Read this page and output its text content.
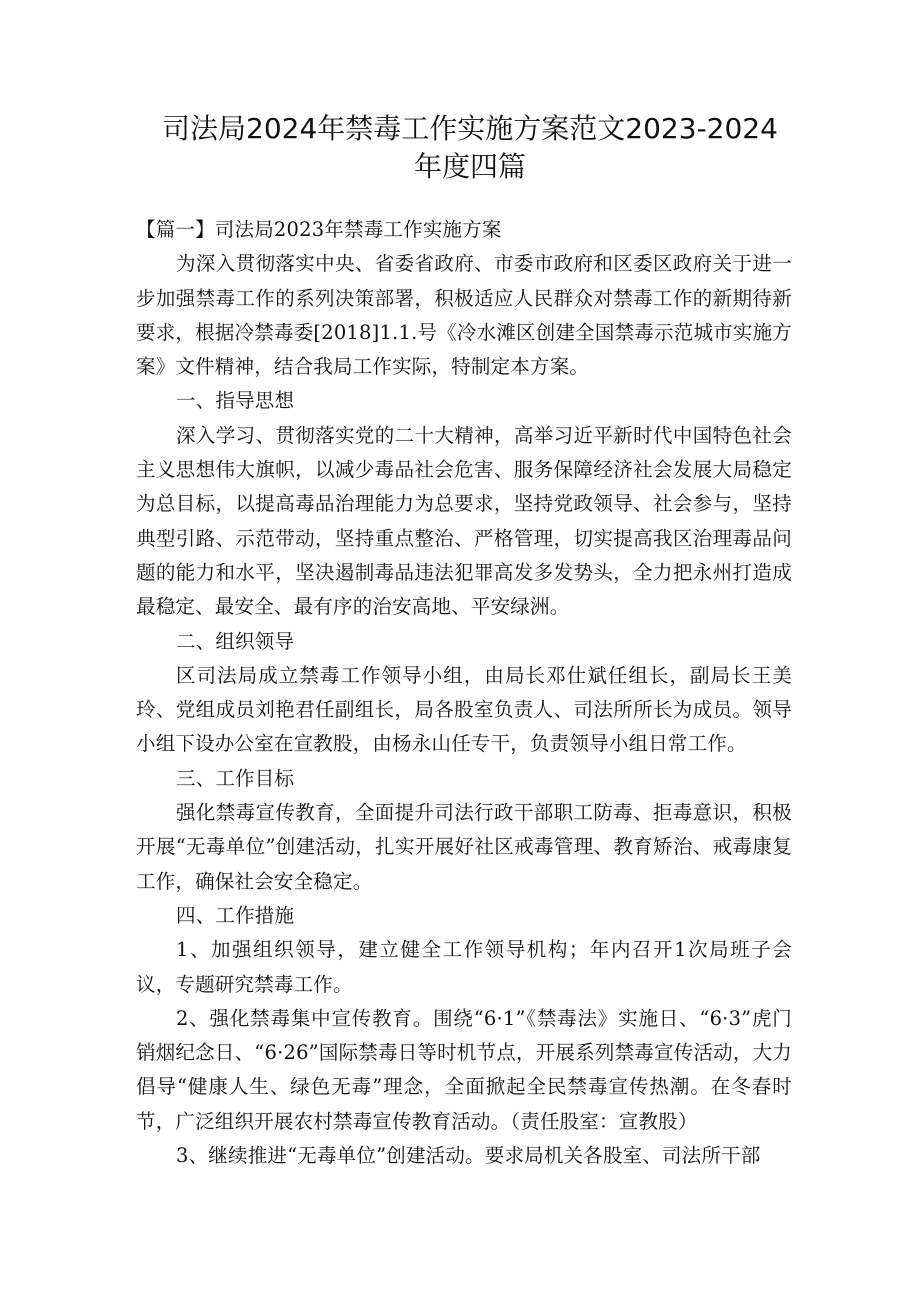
司法局2024年禁毒工作实施方案范文2023-2024年度四篇

【篇一】司法局2023年禁毒工作实施方案

为深入贯彻落实中央、省委省政府、市委市政府和区委区政府关于进一步加强禁毒工作的系列决策部署，积极适应人民群众对禁毒工作的新期待新要求，根据冷禁毒委[2018]1.1.号《冷水滩区创建全国禁毒示范城市实施方案》文件精神，结合我局工作实际，特制定本方案。

一、指导思想

深入学习、贯彻落实党的二十大精神，高举习近平新时代中国特色社会主义思想伟大旗帜，以减少毒品社会危害、服务保障经济社会发展大局稳定为总目标，以提高毒品治理能力为总要求，坚持党政领导、社会参与，坚持典型引路、示范带动，坚持重点整治、严格管理，切实提高我区治理毒品问题的能力和水平，坚决遏制毒品违法犯罪高发多发势头，全力把永州打造成最稳定、最安全、最有序的治安高地、平安绿洲。

二、组织领导

区司法局成立禁毒工作领导小组，由局长邓仕斌任组长，副局长王美玲、党组成员刘艳君任副组长，局各股室负责人、司法所所长为成员。领导小组下设办公室在宣教股，由杨永山任专干，负责领导小组日常工作。

三、工作目标

强化禁毒宣传教育，全面提升司法行政干部职工防毒、拒毒意识，积极开展“无毒单位”创建活动，扎实开展好社区戒毒管理、教育矫治、戒毒康复工作，确保社会安全稳定。

四、工作措施

1、加强组织领导，建立健全工作领导机构；年内召开1次局班子会议，专题研究禁毒工作。

2、强化禁毒集中宣传教育。围绕“6·1”《禁毒法》实施日、“6·3”虎门销烟纪念日、“6·26”国际禁毒日等时机节点，开展系列禁毒宣传活动，大力倡导“健康人生、绿色无毒”理念，全面掀起全民禁毒宣传热潮。在冬春时节，广泛组织开展农村禁毒宣传教育活动。（责任股室：宣教股）

3、继续推进“无毒单位”创建活动。要求局机关各股室、司法所干部
